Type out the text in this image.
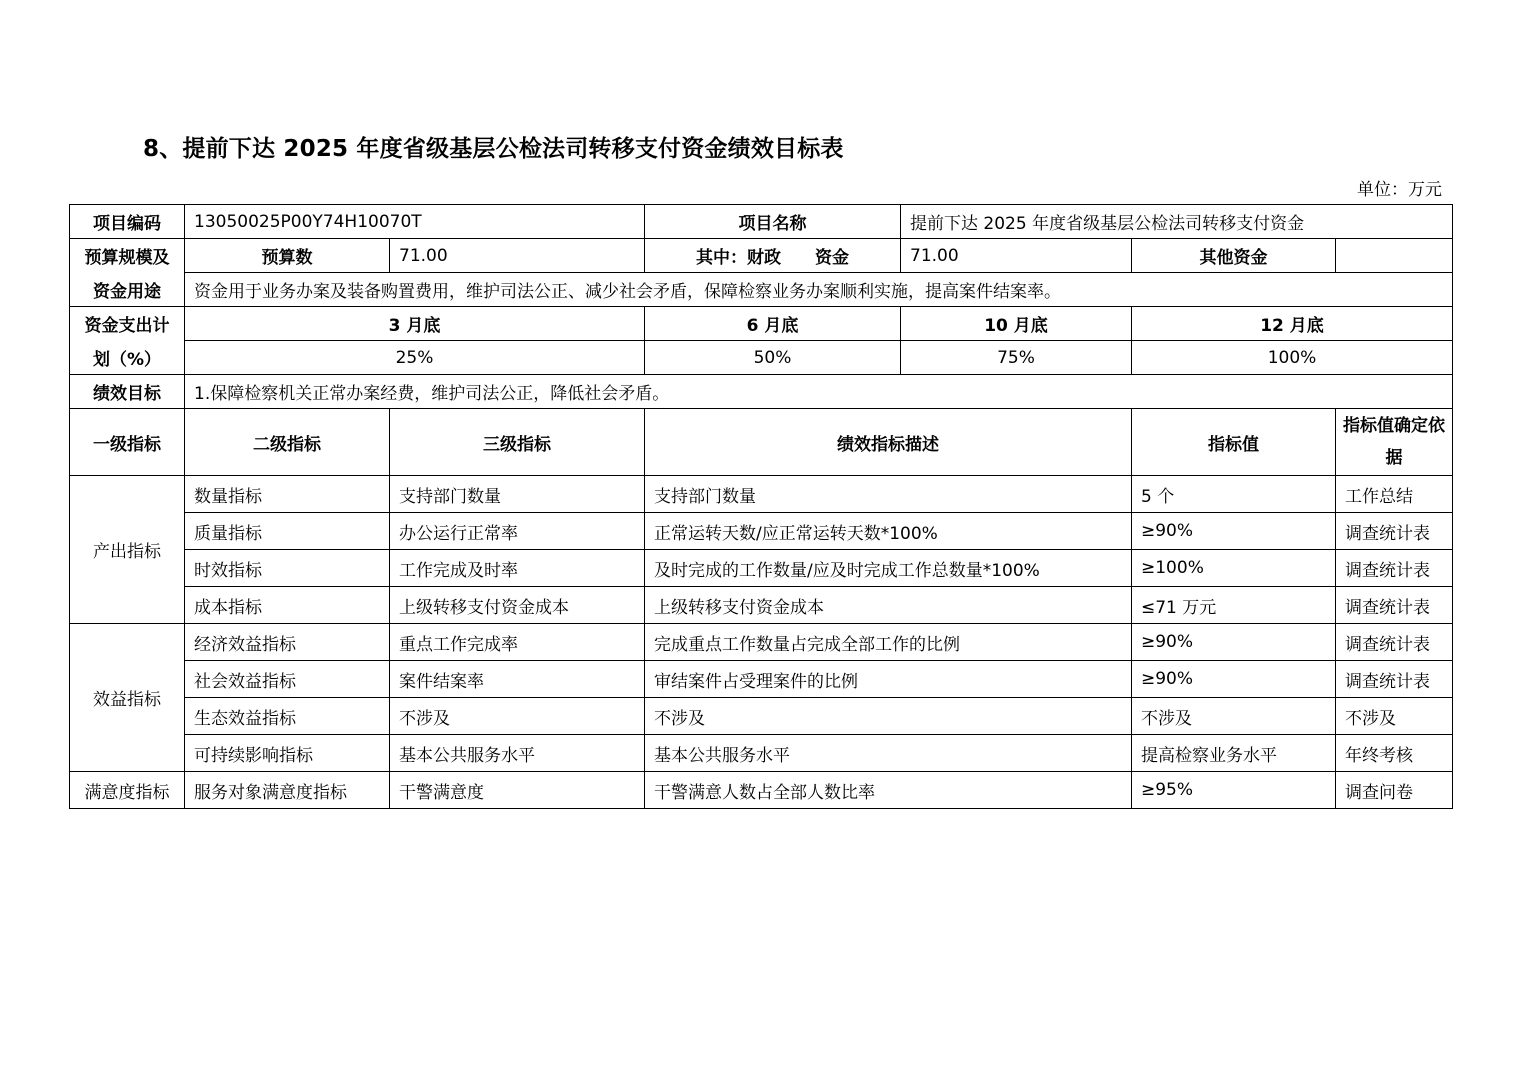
8、提前下达 2025 年度省级基层公检法司转移支付资金绩效目标表
单位：万元
项目编码	13050025P00Y74H10070T		项目名称	提前下达 2025 年度省级基层公检法司转移支付资金		
预算规模及	预算数	71.00	其中：财政　　资金	71.00	其他资金	
资金用途	资金用于业务办案及装备购置费用，维护司法公正、减少社会矛盾，保障检察业务办案顺利实施，提高案件结案率。					
资金支出计	3 月底		6 月底	10 月底	12 月底	
划（%）	25%		50%	75%	100%	
绩效目标	1.保障检察机关正常办案经费，维护司法公正，降低社会矛盾。					
一级指标	二级指标	三级指标	绩效指标描述		指标值	指标值确定依据
产出指标	数量指标	支持部门数量	支持部门数量		5 个	工作总结
	质量指标	办公运行正常率	正常运转天数/应正常运转天数*100%		≥90%	调查统计表
	时效指标	工作完成及时率	及时完成的工作数量/应及时完成工作总数量*100%		≥100%	调查统计表
	成本指标	上级转移支付资金成本	上级转移支付资金成本		≤71 万元	调查统计表
效益指标	经济效益指标	重点工作完成率	完成重点工作数量占完成全部工作的比例		≥90%	调查统计表
	社会效益指标	案件结案率	审结案件占受理案件的比例		≥90%	调查统计表
	生态效益指标	不涉及	不涉及		不涉及	不涉及
	可持续影响指标	基本公共服务水平	基本公共服务水平		提高检察业务水平	年终考核
满意度指标	服务对象满意度指标	干警满意度	干警满意人数占全部人数比率		≥95%	调查问卷
